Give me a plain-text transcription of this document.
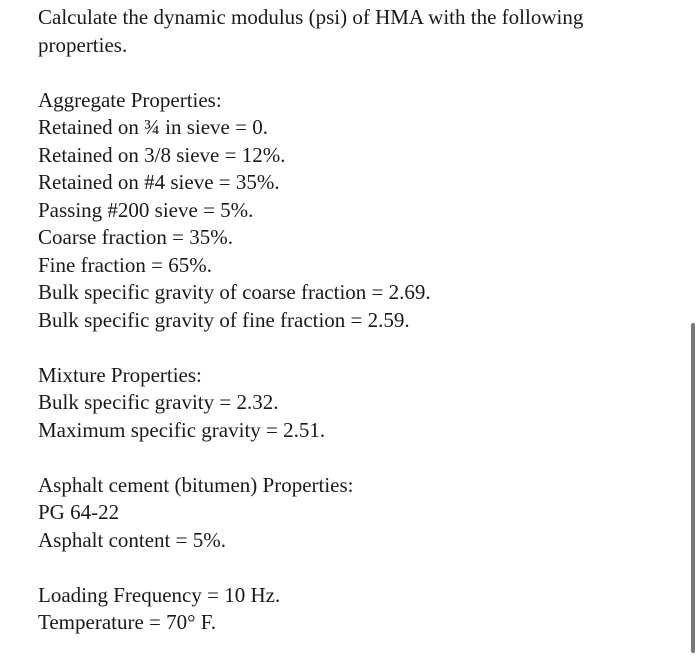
Calculate the dynamic modulus (psi) of HMA with the following
properties.
Aggregate Properties:
Retained on ¾ in sieve = 0.
Retained on 3/8 sieve = 12%.
Retained on #4 sieve = 35%.
Passing #200 sieve = 5%.
Coarse fraction = 35%.
Fine fraction = 65%.
Bulk specific gravity of coarse fraction = 2.69.
Bulk specific gravity of fine fraction = 2.59.
Mixture Properties:
Bulk specific gravity = 2.32.
Maximum specific gravity = 2.51.
Asphalt cement (bitumen) Properties:
PG 64-22
Asphalt content = 5%.
Loading Frequency = 10 Hz.
Temperature = 70° F.
